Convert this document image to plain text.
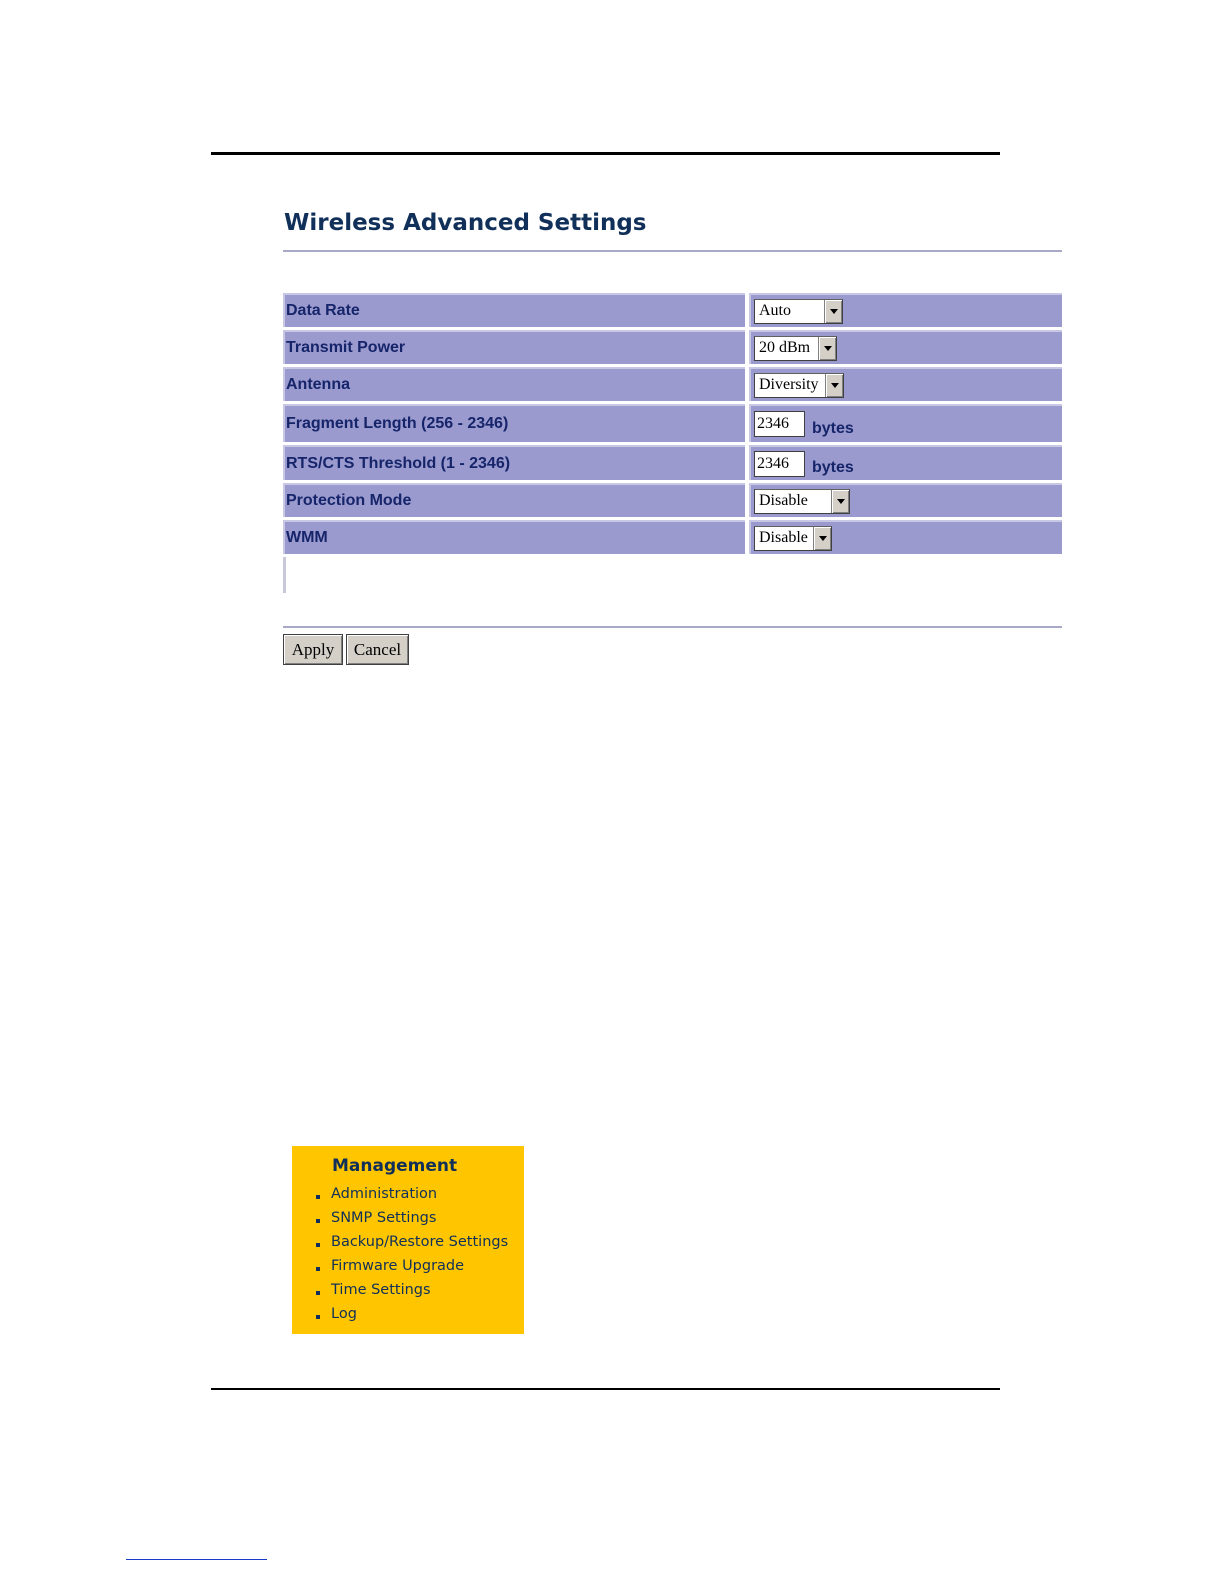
Wireless Advanced Settings
Data Rate	Auto
Transmit Power	20 dBm
Antenna	Diversity
Fragment Length (256 - 2346)	2346	bytes
RTS/CTS Threshold (1 - 2346)	2346	bytes
Protection Mode	Disable
WMM	Disable
Apply	Cancel
Management
Administration
SNMP Settings
Backup/Restore Settings
Firmware Upgrade
Time Settings
Log
